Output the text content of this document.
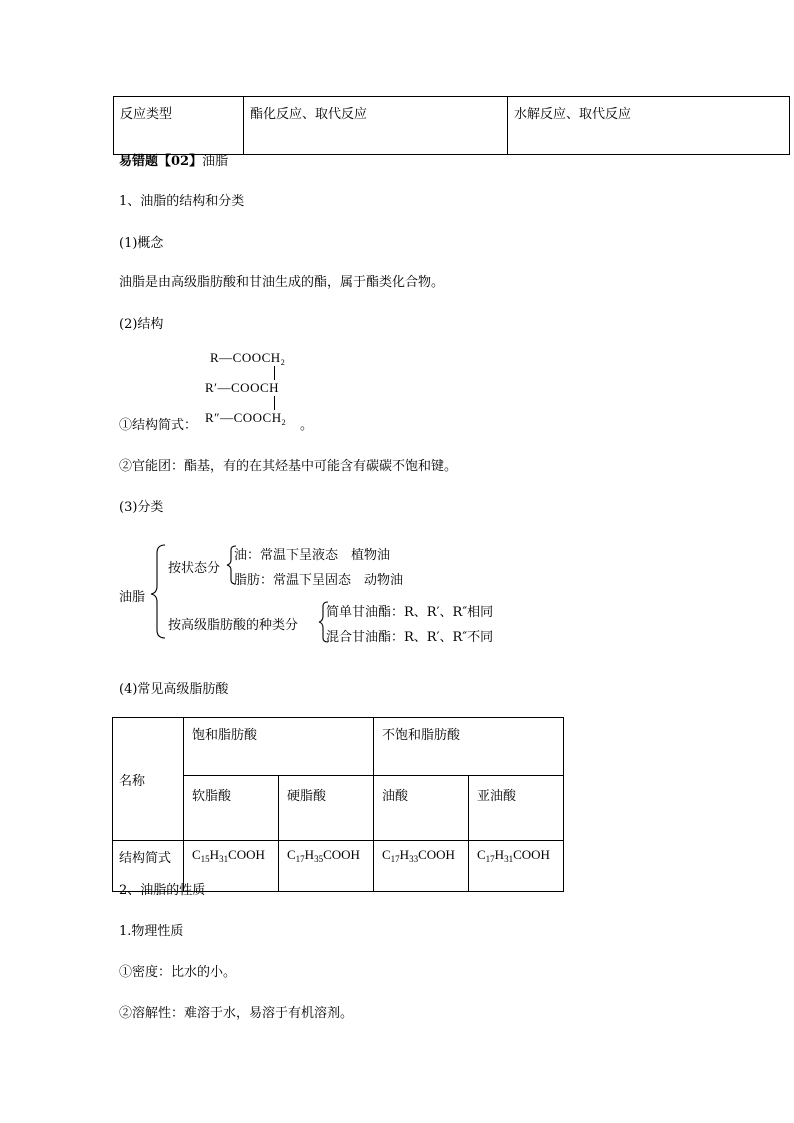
反应类型	酯化反应、取代反应	水解反应、取代反应
易错题【02】油脂
1、油脂的结构和分类
(1)概念
油脂是由高级脂肪酸和甘油生成的酯，属于酯类化合物。
(2)结构
$R—COOCH_2$
R′—COOCH
$R''—COOCH_2$
①结构简式：	。
②官能团：酯基，有的在其烃基中可能含有碳碳不饱和键。
(3)分类
油脂
按状态分
油：常温下呈液态　植物油
脂肪：常温下呈固态　动物油
按高级脂肪酸的种类分
简单甘油酯：R、R′、R″相同
混合甘油酯：R、R′、R″不同
(4)常见高级脂肪酸
名称	饱和脂肪酸		不饱和脂肪酸	
	软脂酸	硬脂酸	油酸	亚油酸
结构简式	$C_{15}H_{31}COOH$	$C_{17}H_{35}COOH$	$C_{17}H_{33}COOH$	$C_{17}H_{31}COOH$
2、油脂的性质
1.物理性质
①密度：比水的小。
②溶解性：难溶于水，易溶于有机溶剂。
